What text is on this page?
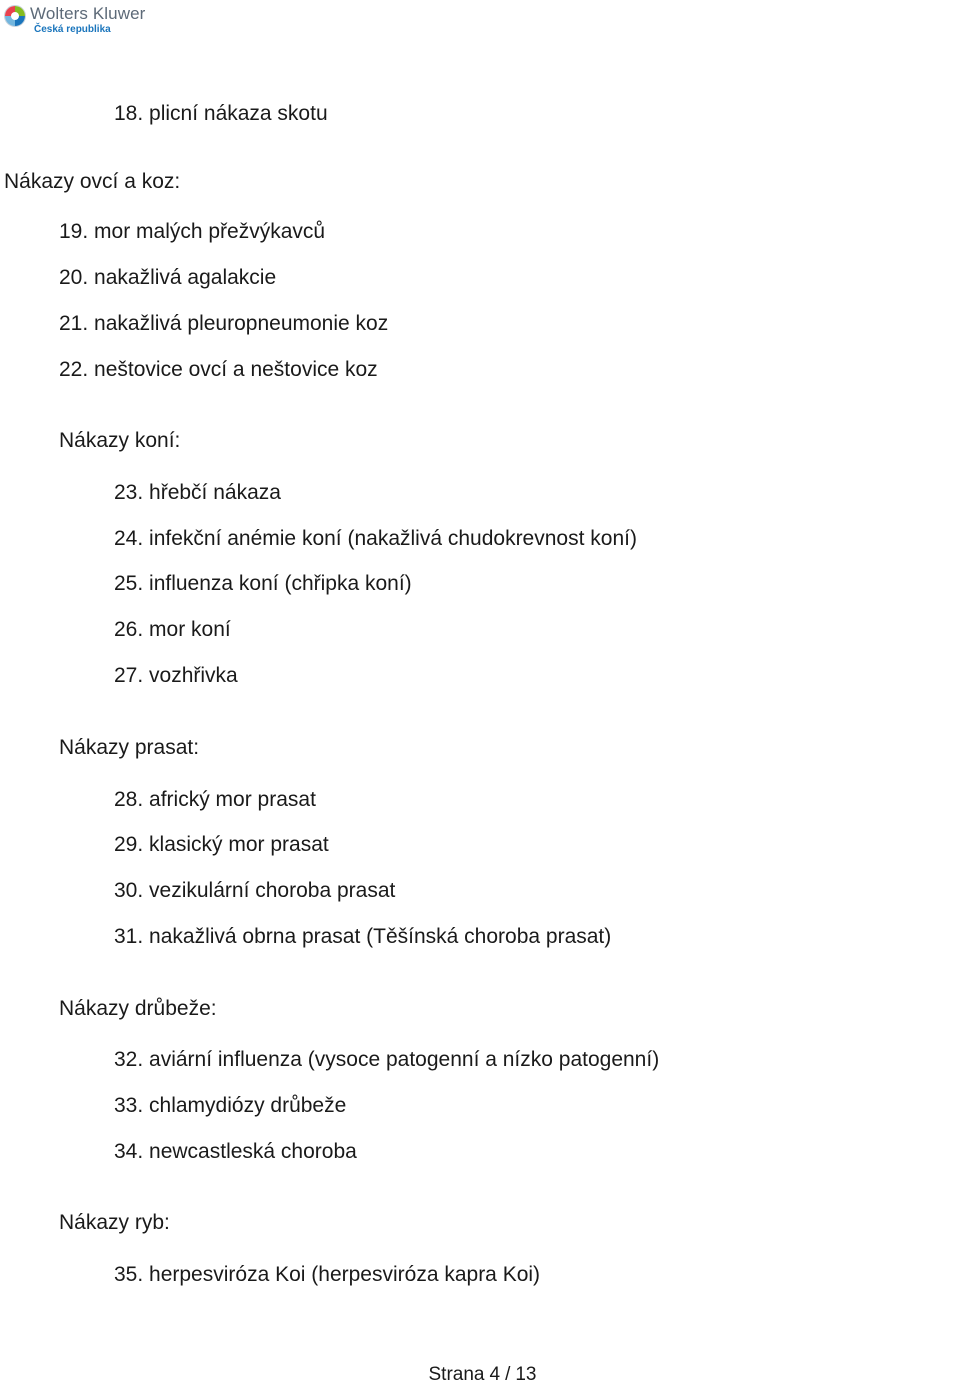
Wolters Kluwer
Česká republika
18. plicní nákaza skotu
Nákazy ovcí a koz:
19. mor malých přežvýkavců
20. nakažlivá agalakcie
21. nakažlivá pleuropneumonie koz
22. neštovice ovcí a neštovice koz
Nákazy koní:
23. hřebčí nákaza
24. infekční anémie koní (nakažlivá chudokrevnost koní)
25. influenza koní (chřipka koní)
26. mor koní
27. vozhřivka
Nákazy prasat:
28. africký mor prasat
29. klasický mor prasat
30. vezikulární choroba prasat
31. nakažlivá obrna prasat (Těšínská choroba prasat)
Nákazy drůbeže:
32. aviární influenza (vysoce patogenní a nízko patogenní)
33. chlamydiózy drůbeže
34. newcastleská choroba
Nákazy ryb:
35. herpesviróza Koi (herpesviróza kapra Koi)
Strana 4 / 13
